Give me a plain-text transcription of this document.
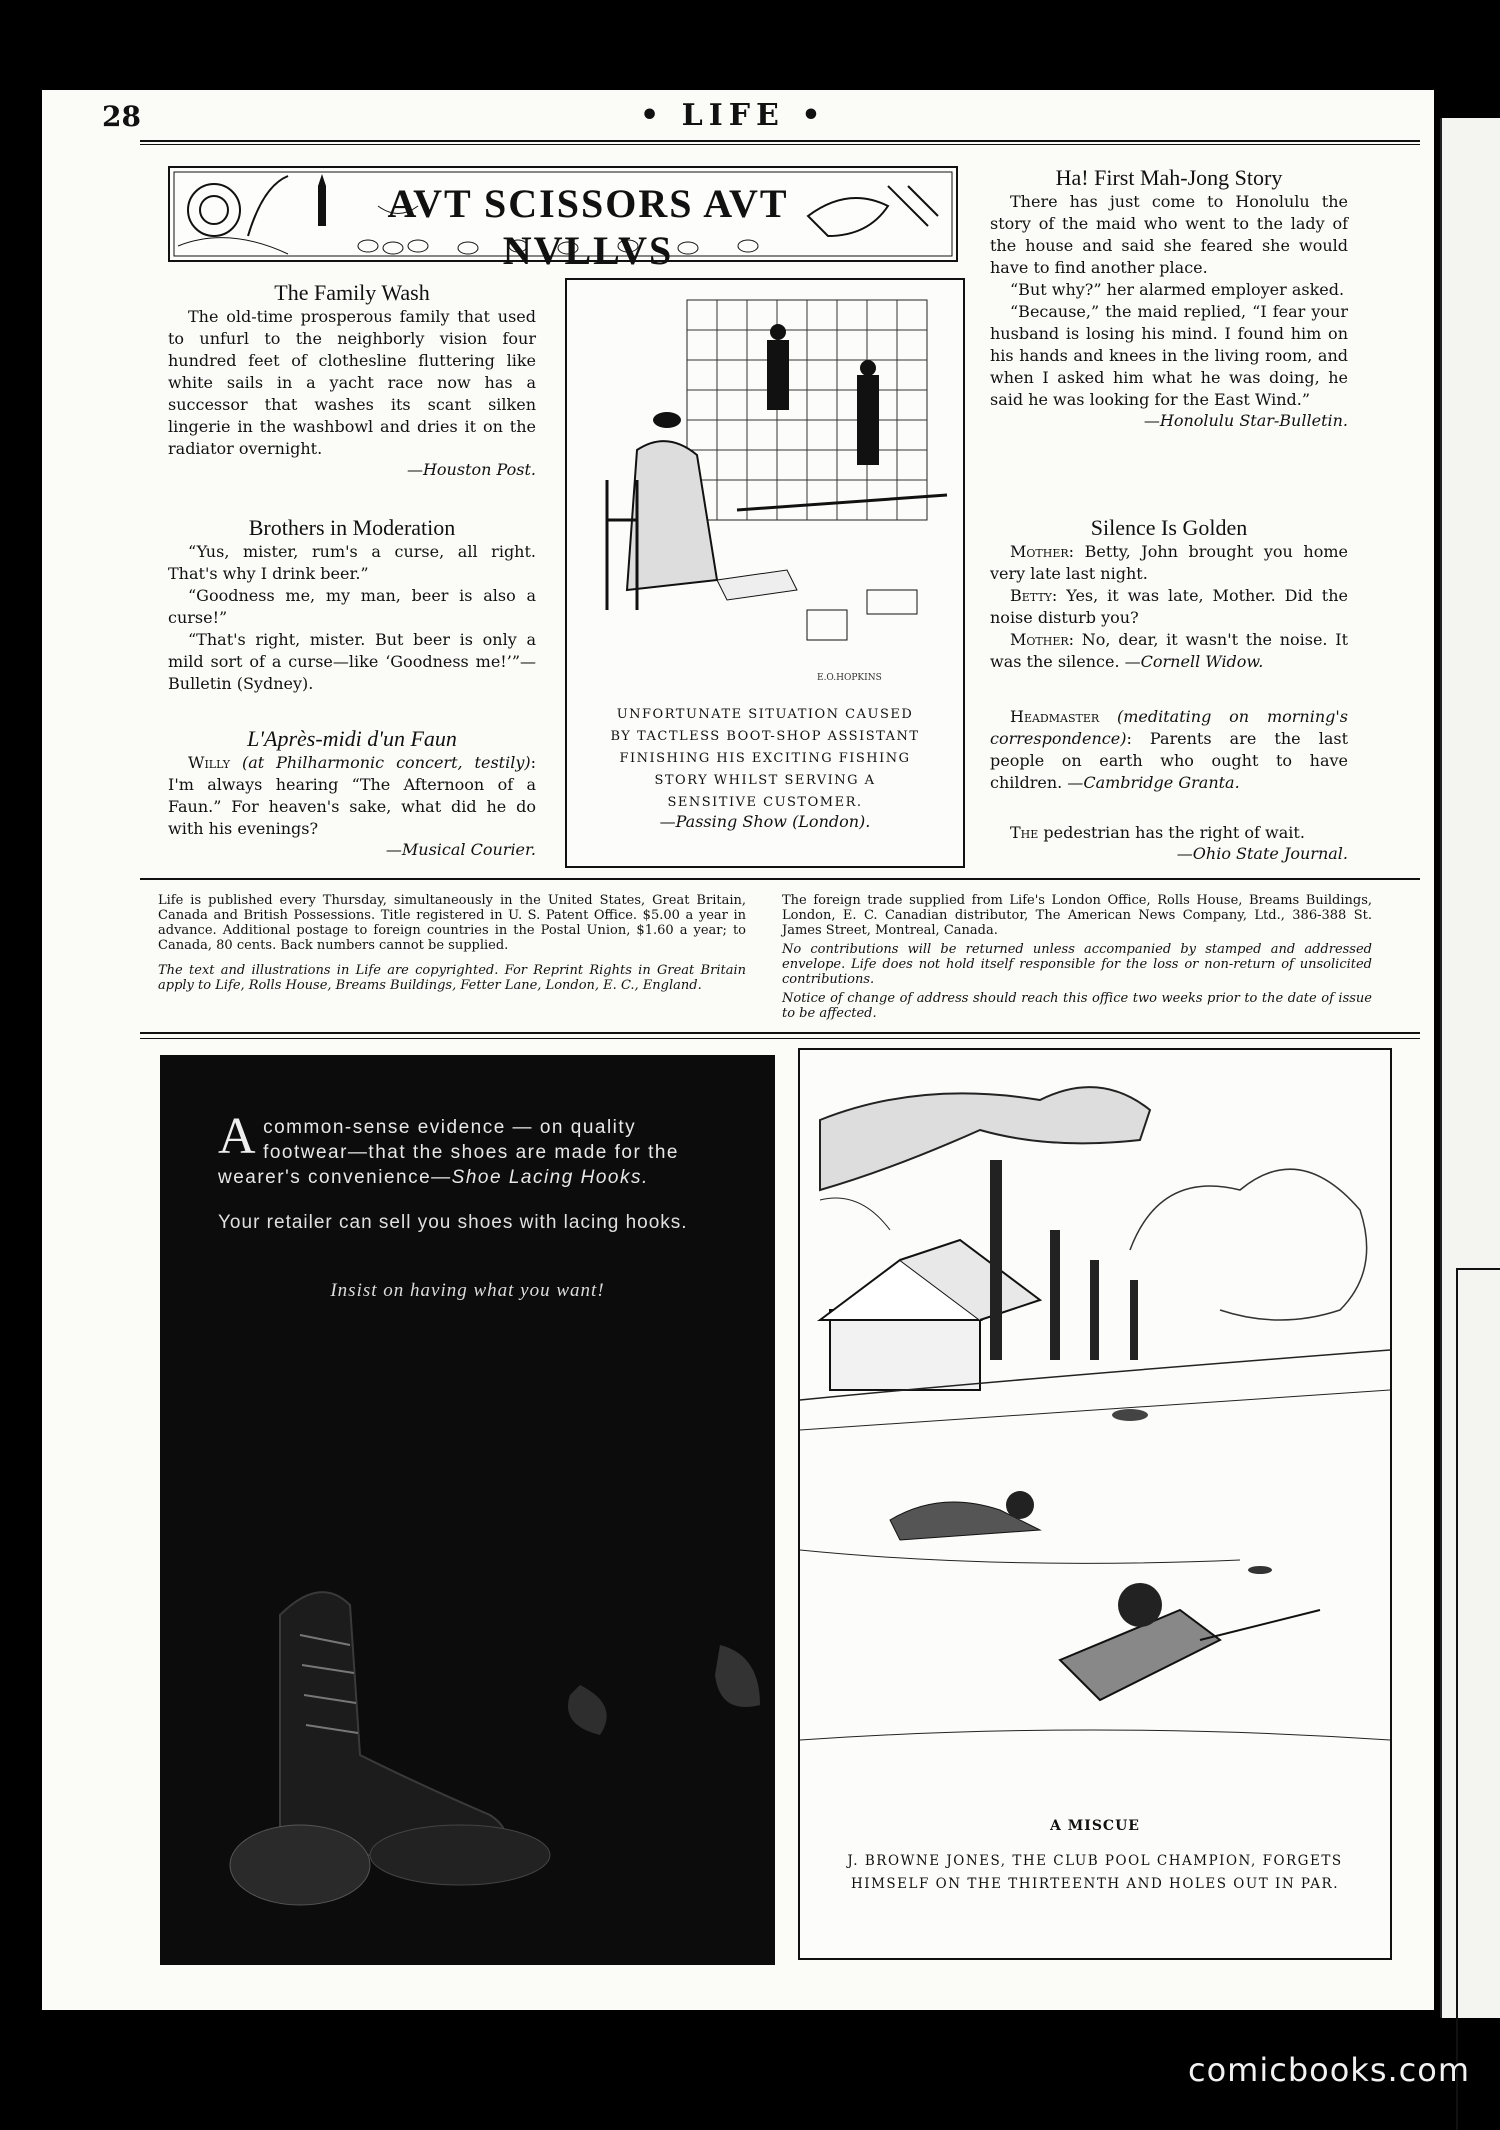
28	• LIFE •
AVT SCISSORS AVT NVLLVS
The Family Wash

The old-time prosperous family that used to unfurl to the neighborly vision four hundred feet of clothesline fluttering like white sails in a yacht race now has a successor that washes its scant silken lingerie in the washbowl and dries it on the radiator overnight.

—Houston Post.
Brothers in Moderation

“Yus, mister, rum's a curse, all right. That's why I drink beer.”

“Goodness me, my man, beer is also a curse!”

“That's right, mister. But beer is only a mild sort of a curse—like ‘Goodness me!’”—Bulletin (Sydney).

L'Après-midi d'un Faun

Willy (at Philharmonic concert, testily): I'm always hearing “The Afternoon of a Faun.” For heaven's sake, what did he do with his evenings?

—Musical Courier.
E.O.HOPKINS
UNFORTUNATE SITUATION CAUSED BY TACTLESS BOOT-SHOP ASSISTANT FINISHING HIS EXCITING FISHING STORY WHILST SERVING A SENSITIVE CUSTOMER.
—Passing Show (London).
Ha! First Mah-Jong Story

There has just come to Honolulu the story of the maid who went to the lady of the house and said she feared she would have to find another place.

“But why?” her alarmed employer asked.

“Because,” the maid replied, “I fear your husband is losing his mind. I found him on his hands and knees in the living room, and when I asked him what he was doing, he said he was looking for the East Wind.”

—Honolulu Star-Bulletin.
Silence Is Golden

Mother: Betty, John brought you home very late last night.

Betty: Yes, it was late, Mother. Did the noise disturb you?

Mother: No, dear, it wasn't the noise. It was the silence. —Cornell Widow.

Headmaster (meditating on morning's correspondence): Parents are the last people on earth who ought to have children. —Cambridge Granta.

The pedestrian has the right of wait.

—Ohio State Journal.

Life is published every Thursday, simultaneously in the United States, Great Britain, Canada and British Possessions. Title registered in U. S. Patent Office. $5.00 a year in advance. Additional postage to foreign countries in the Postal Union, $1.60 a year; to Canada, 80 cents. Back numbers cannot be supplied.

The text and illustrations in Life are copyrighted. For Reprint Rights in Great Britain apply to Life, Rolls House, Breams Buildings, Fetter Lane, London, E. C., England.

The foreign trade supplied from Life's London Office, Rolls House, Breams Buildings, London, E. C. Canadian distributor, The American News Company, Ltd., 386-388 St. James Street, Montreal, Canada.

No contributions will be returned unless accompanied by stamped and addressed envelope. Life does not hold itself responsible for the loss or non-return of unsolicited contributions.

Notice of change of address should reach this office two weeks prior to the date of issue to be affected.

Acommon-sense evidence — on quality footwear—that the shoes are made for the wearer's convenience—Shoe Lacing Hooks.
Your retailer can sell you shoes with lacing hooks.
Insist on having what you want!
A MISCUE
J. BROWNE JONES, THE CLUB POOL CHAMPION, FORGETS HIMSELF ON THE THIRTEENTH AND HOLES OUT IN PAR.
comicbooks.com
